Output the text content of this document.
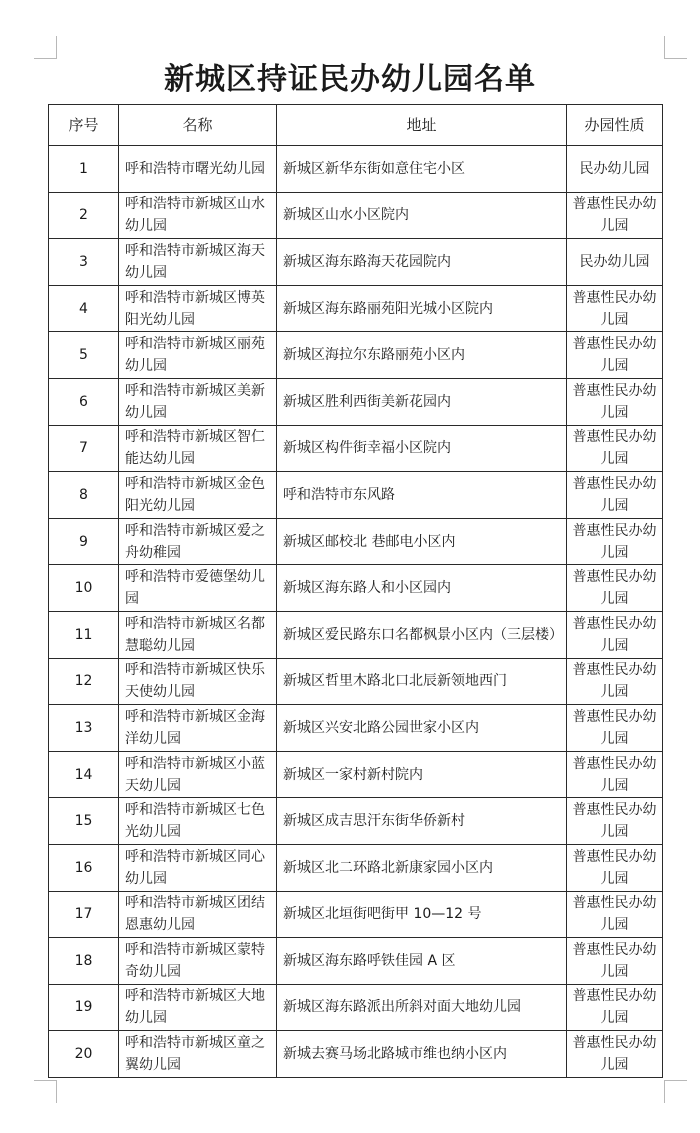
新城区持证民办幼儿园名单
序号	名称	地址	办园性质
1	呼和浩特市曙光幼儿园	新城区新华东街如意住宅小区	民办幼儿园
2	呼和浩特市新城区山水幼儿园	新城区山水小区院内	普惠性民办幼儿园
3	呼和浩特市新城区海天幼儿园	新城区海东路海天花园院内	民办幼儿园
4	呼和浩特市新城区博英阳光幼儿园	新城区海东路丽苑阳光城小区院内	普惠性民办幼儿园
5	呼和浩特市新城区丽苑幼儿园	新城区海拉尔东路丽苑小区内	普惠性民办幼儿园
6	呼和浩特市新城区美新幼儿园	新城区胜利西街美新花园内	普惠性民办幼儿园
7	呼和浩特市新城区智仁能达幼儿园	新城区构件街幸福小区院内	普惠性民办幼儿园
8	呼和浩特市新城区金色阳光幼儿园	呼和浩特市东风路	普惠性民办幼儿园
9	呼和浩特市新城区爱之舟幼稚园	新城区邮校北 巷邮电小区内	普惠性民办幼儿园
10	呼和浩特市爱德堡幼儿园	新城区海东路人和小区园内	普惠性民办幼儿园
11	呼和浩特市新城区名都慧聪幼儿园	新城区爱民路东口名都枫景小区内（三层楼）	普惠性民办幼儿园
12	呼和浩特市新城区快乐天使幼儿园	新城区哲里木路北口北辰新领地西门	普惠性民办幼儿园
13	呼和浩特市新城区金海洋幼儿园	新城区兴安北路公园世家小区内	普惠性民办幼儿园
14	呼和浩特市新城区小蓝天幼儿园	新城区一家村新村院内	普惠性民办幼儿园
15	呼和浩特市新城区七色光幼儿园	新城区成吉思汗东街华侨新村	普惠性民办幼儿园
16	呼和浩特市新城区同心幼儿园	新城区北二环路北新康家园小区内	普惠性民办幼儿园
17	呼和浩特市新城区团结恩惠幼儿园	新城区北垣街吧街甲 10—12 号	普惠性民办幼儿园
18	呼和浩特市新城区蒙特奇幼儿园	新城区海东路呼铁佳园 A 区	普惠性民办幼儿园
19	呼和浩特市新城区大地幼儿园	新城区海东路派出所斜对面大地幼儿园	普惠性民办幼儿园
20	呼和浩特市新城区童之翼幼儿园	新城去赛马场北路城市维也纳小区内	普惠性民办幼儿园
